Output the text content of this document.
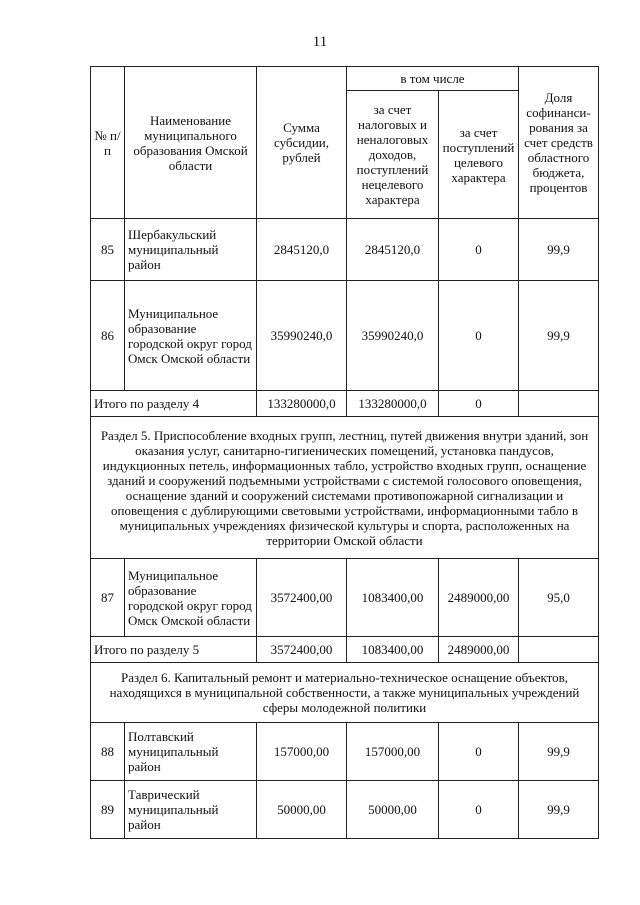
11
№ п/п	Наименование муниципального образования Омской области	Сумма субсидии, рублей	в том числе		Доля софинанси-рования за счет средств областного бюджета, процентов
			за счет налоговых и неналоговых доходов, поступлений нецелевого характера	за счет поступлений целевого характера	
85	Шербакульский муниципальный район	2845120,0	2845120,0	0	99,9
86	Муниципальное образование городской округ город Омск Омской области	35990240,0	35990240,0	0	99,9
Итого по разделу 4		133280000,0	133280000,0	0	
Раздел 5. Приспособление входных групп, лестниц, путей движения внутри зданий, зон оказания услуг, санитарно-гигиенических помещений, установка пандусов, индукционных петель, информационных табло, устройство входных групп, оснащение зданий и сооружений подъемными устройствами с системой голосового оповещения, оснащение зданий и сооружений системами противопожарной сигнализации и оповещения с дублирующими световыми устройствами, информационными табло в муниципальных учреждениях физической культуры и спорта, расположенных на территории Омской области					
87	Муниципальное образованиe городской округ город Омск Омской области	3572400,00	1083400,00	2489000,00	95,0
Итого по разделу 5		3572400,00	1083400,00	2489000,00	
Раздел 6. Капитальный ремонт и материально-техническое оснащение объектов, находящихся в муниципальной собственности, а также муниципальных учреждений сферы молодежной политики					
88	Полтавский муниципальный район	157000,00	157000,00	0	99,9
89	Таврический муниципальный район	50000,00	50000,00	0	99,9
